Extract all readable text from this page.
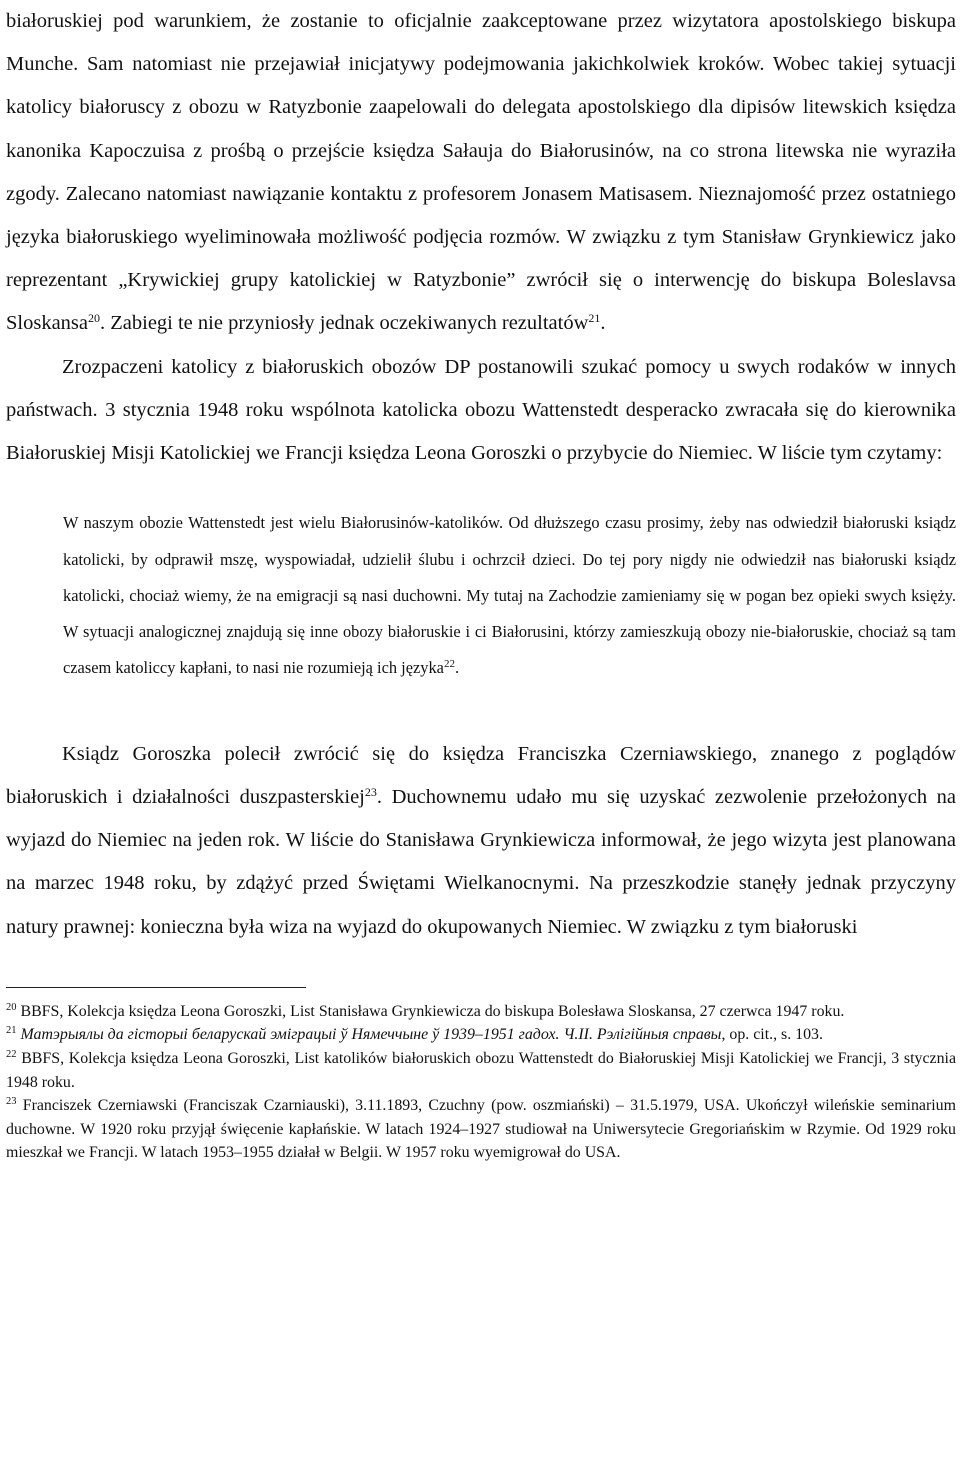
białoruskiej pod warunkiem, że zostanie to oficjalnie zaakceptowane przez wizytatora apostolskiego biskupa Munche. Sam natomiast nie przejawiał inicjatywy podejmowania jakichkolwiek kroków. Wobec takiej sytuacji katolicy białoruscy z obozu w Ratyzbonie zaapelowali do delegata apostolskiego dla dipisów litewskich księdza kanonika Kapoczuisa z prośbą o przejście księdza Sałauja do Białorusinów, na co strona litewska nie wyraziła zgody. Zalecano natomiast nawiązanie kontaktu z profesorem Jonasem Matisasem. Nieznajomość przez ostatniego języka białoruskiego wyeliminowała możliwość podjęcia rozmów. W związku z tym Stanisław Grynkiewicz jako reprezentant „Krywickiej grupy katolickiej w Ratyzbonie” zwrócił się o interwencję do biskupa Boleslavsa Sloskansa$^{20}$. Zabiegi te nie przyniosły jednak oczekiwanych rezultatów$^{21}$.

Zrozpaczeni katolicy z białoruskich obozów DP postanowili szukać pomocy u swych rodaków w innych państwach. 3 stycznia 1948 roku wspólnota katolicka obozu Wattenstedt desperacko zwracała się do kierownika Białoruskiej Misji Katolickiej we Francji księdza Leona Goroszki o przybycie do Niemiec. W liście tym czytamy:

W naszym obozie Wattenstedt jest wielu Białorusinów-katolików. Od dłuższego czasu prosimy, żeby nas odwiedził białoruski ksiądz katolicki, by odprawił mszę, wyspowiadał, udzielił ślubu i ochrzcił dzieci. Do tej pory nigdy nie odwiedził nas białoruski ksiądz katolicki, chociaż wiemy, że na emigracji są nasi duchowni. My tutaj na Zachodzie zamieniamy się w pogan bez opieki swych księży. W sytuacji analogicznej znajdują się inne obozy białoruskie i ci Białorusini, którzy zamieszkują obozy nie-białoruskie, chociaż są tam czasem katoliccy kapłani, to nasi nie rozumieją ich języka$^{22}$.

Ksiądz Goroszka polecił zwrócić się do księdza Franciszka Czerniawskiego, znanego z poglądów białoruskich i działalności duszpasterskiej$^{23}$. Duchownemu udało mu się uzyskać zezwolenie przełożonych na wyjazd do Niemiec na jeden rok. W liście do Stanisława Grynkiewicza informował, że jego wizyta jest planowana na marzec 1948 roku, by zdążyć przed Świętami Wielkanocnymi. Na przeszkodzie stanęły jednak przyczyny natury prawnej: konieczna była wiza na wyjazd do okupowanych Niemiec. W związku z tym białoruski

$^{20}$ BBFS, Kolekcja księdza Leona Goroszki, List Stanisława Grynkiewicza do biskupa Bolesława Sloskansa, 27 czerwca 1947 roku.

$^{21}$ Матэрыялы да гісторыі беларускай эміграцыі ў Нямеччыне ў 1939–1951 гадох. Ч.ІІ. Рэлігійныя справы, op. cit., s. 103.

$^{22}$ BBFS, Kolekcja księdza Leona Goroszki, List katolików białoruskich obozu Wattenstedt do Białoruskiej Misji Katolickiej we Francji, 3 stycznia 1948 roku.

$^{23}$ Franciszek Czerniawski (Franciszak Czarniauski), 3.11.1893, Czuchny (pow. oszmiański) – 31.5.1979, USA. Ukończył wileńskie seminarium duchowne. W 1920 roku przyjął święcenie kapłańskie. W latach 1924–1927 studiował na Uniwersytecie Gregoriańskim w Rzymie. Od 1929 roku mieszkał we Francji. W latach 1953–1955 działał w Belgii. W 1957 roku wyemigrował do USA.
